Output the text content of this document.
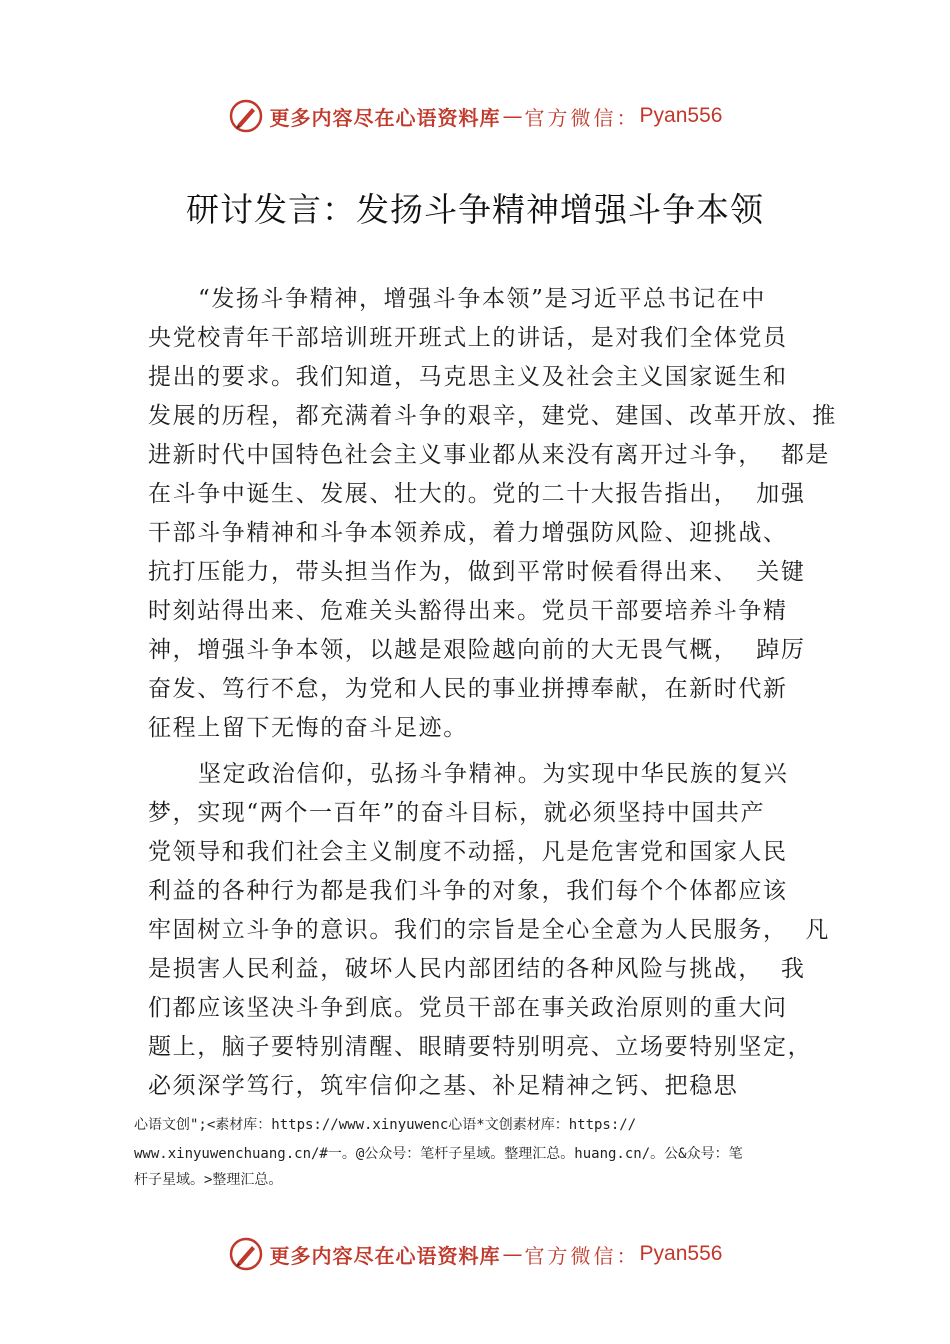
更多内容尽在心语资料库 — 官方微信： Pyan556
研讨发言：发扬斗争精神增强斗争本领
“发扬斗争精神，增强斗争本领”是习近平总书记在中
央党校青年干部培训班开班式上的讲话，是对我们全体党员
提出的要求。我们知道，马克思主义及社会主义国家诞生和
发展的历程，都充满着斗争的艰辛，建党、建国、改革开放、推
进新时代中国特色社会主义事业都从来没有离开过斗争，  都是
在斗争中诞生、发展、壮大的。党的二十大报告指出，  加强
干部斗争精神和斗争本领养成，着力增强防风险、迎挑战、
抗打压能力，带头担当作为，做到平常时候看得出来、  关键
时刻站得出来、危难关头豁得出来。党员干部要培养斗争精
神，增强斗争本领，以越是艰险越向前的大无畏气概，  踔厉
奋发、笃行不怠，为党和人民的事业拼搏奉献，在新时代新
征程上留下无悔的奋斗足迹。
坚定政治信仰，弘扬斗争精神。为实现中华民族的复兴
梦，实现“两个一百年”的奋斗目标，就必须坚持中国共产
党领导和我们社会主义制度不动摇，凡是危害党和国家人民
利益的各种行为都是我们斗争的对象，我们每个个体都应该
牢固树立斗争的意识。我们的宗旨是全心全意为人民服务，  凡
是损害人民利益，破坏人民内部团结的各种风险与挑战，  我
们都应该坚决斗争到底。党员干部在事关政治原则的重大问
题上，脑子要特别清醒、眼睛要特别明亮、立场要特别坚定，
必须深学笃行，筑牢信仰之基、补足精神之钙、把稳思
心语文创";<素材库：https://www.xinyuwenc心语*文创素材库：https://
www.xinyuwenchuang.cn/#一。@公众号：笔杆子星域。整理汇总。huang.cn/。公&众号：笔
杆子星域。>整理汇总。
更多内容尽在心语资料库 — 官方微信： Pyan556
